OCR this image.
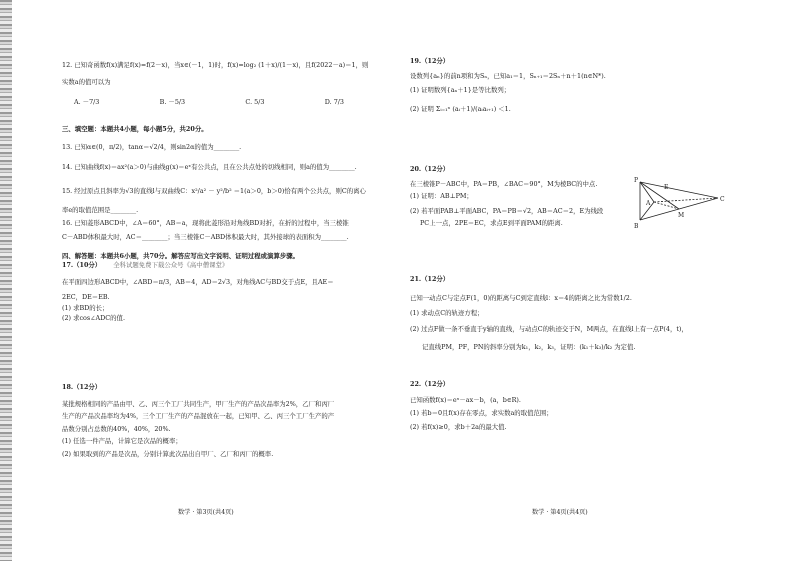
12. 已知奇函数f(x)满足f(x)=f(2－x)，当x∈(－1，1)时，f(x)=log₂ (1＋x)/(1－x)，且f(2022－a)＝1，则

实数a的值可以为

A. －7/3	B. －5/3	C. 5/3	D. 7/3

三、填空题：本题共4小题，每小题5分，共20分。

13. 已知α∈(0，π/2)，tanα＝√2/4，则sin2α的值为________.

14. 已知曲线f(x)＝ax²(a＞0)与曲线g(x)＝eˣ有公共点，且在公共点处的切线相同，则a的值为________.

15. 经过原点且斜率为√3的直线l与双曲线C：x²/a² － y²/b² ＝1(a＞0，b＞0)恰有两个公共点，则C的离心

率e的取值范围是________.

16. 已知菱形ABCD中，∠A＝60°，AB＝a，现将此菱形沿对角线BD对折，在折的过程中，当三棱锥

C－ABD体积最大时，AC＝________；当三棱锥C－ABD体积最大时，其外接球的表面积为________.

四、解答题：本题共6小题，共70分。解答应写出文字说明、证明过程或演算步骤。

17.（10分） 全科试题免费下载公众号《高中僧课堂》

在平面四边形ABCD中，∠ABD＝π/3，AB＝4，AD＝2√3，对角线AC与BD交于点E，且AE＝

2EC，DE＝EB.

(1) 求BD的长；

(2) 求cos∠ADC的值.

18.（12分）

某批规格相同的产品由甲、乙、丙三个工厂共同生产，甲厂生产的产品次品率为2%，乙厂和丙厂

生产的产品次品率均为4%，三个工厂生产的产品混放在一起，已知甲、乙、丙三个工厂生产的产

品数分别占总数的40%，40%，20%.

(1) 任选一件产品，计算它是次品的概率；

(2) 如果取到的产品是次品，分别计算此次品出自甲厂、乙厂和丙厂的概率.

19.（12分）

设数列{aₙ}的前n项和为Sₙ，已知a₁＝1，Sₙ₊₁＝2Sₙ＋n＋1(n∈N*).

(1) 证明数列{aₙ＋1}是等比数列；

(2) 证明 Σᵢ₌₁ⁿ (aᵢ＋1)/(aᵢaᵢ₊₁) ＜1.

20.（12分）

在三棱锥P－ABC中，PA＝PB，∠BAC＝90°，M为棱BC的中点.

(1) 证明：AB⊥PM；

(2) 若平面PAB⊥平面ABC，PA＝PB＝√2，AB＝AC＝2，E为线段

PC上一点，2PE＝EC，求点E到平面PAM的距离.

21.（12分）

已知一动点C与定点F(1，0)的距离与C到定直线l：x＝4的距离之比为常数1/2.

(1) 求动点C的轨迹方程；

(2) 过点F做一条不垂直于y轴的直线，与动点C的轨迹交于N，M两点，在直线l上有一点P(4，t)，

记直线PM，PF，PN的斜率分别为k₁，k₂，k₃，证明：(k₁＋k₃)/k₂ 为定值.

22.（12分）

已知函数f(x)＝eˣ－ax－b，(a，b∈R).

(1) 若b＝0且f(x)存在零点，求实数a的取值范围；

(2) 若f(x)≥0，求b＋2a的最大值.

P
E
A
M
B
C
数学 · 第3页(共4页)	数学 · 第4页(共4页)
